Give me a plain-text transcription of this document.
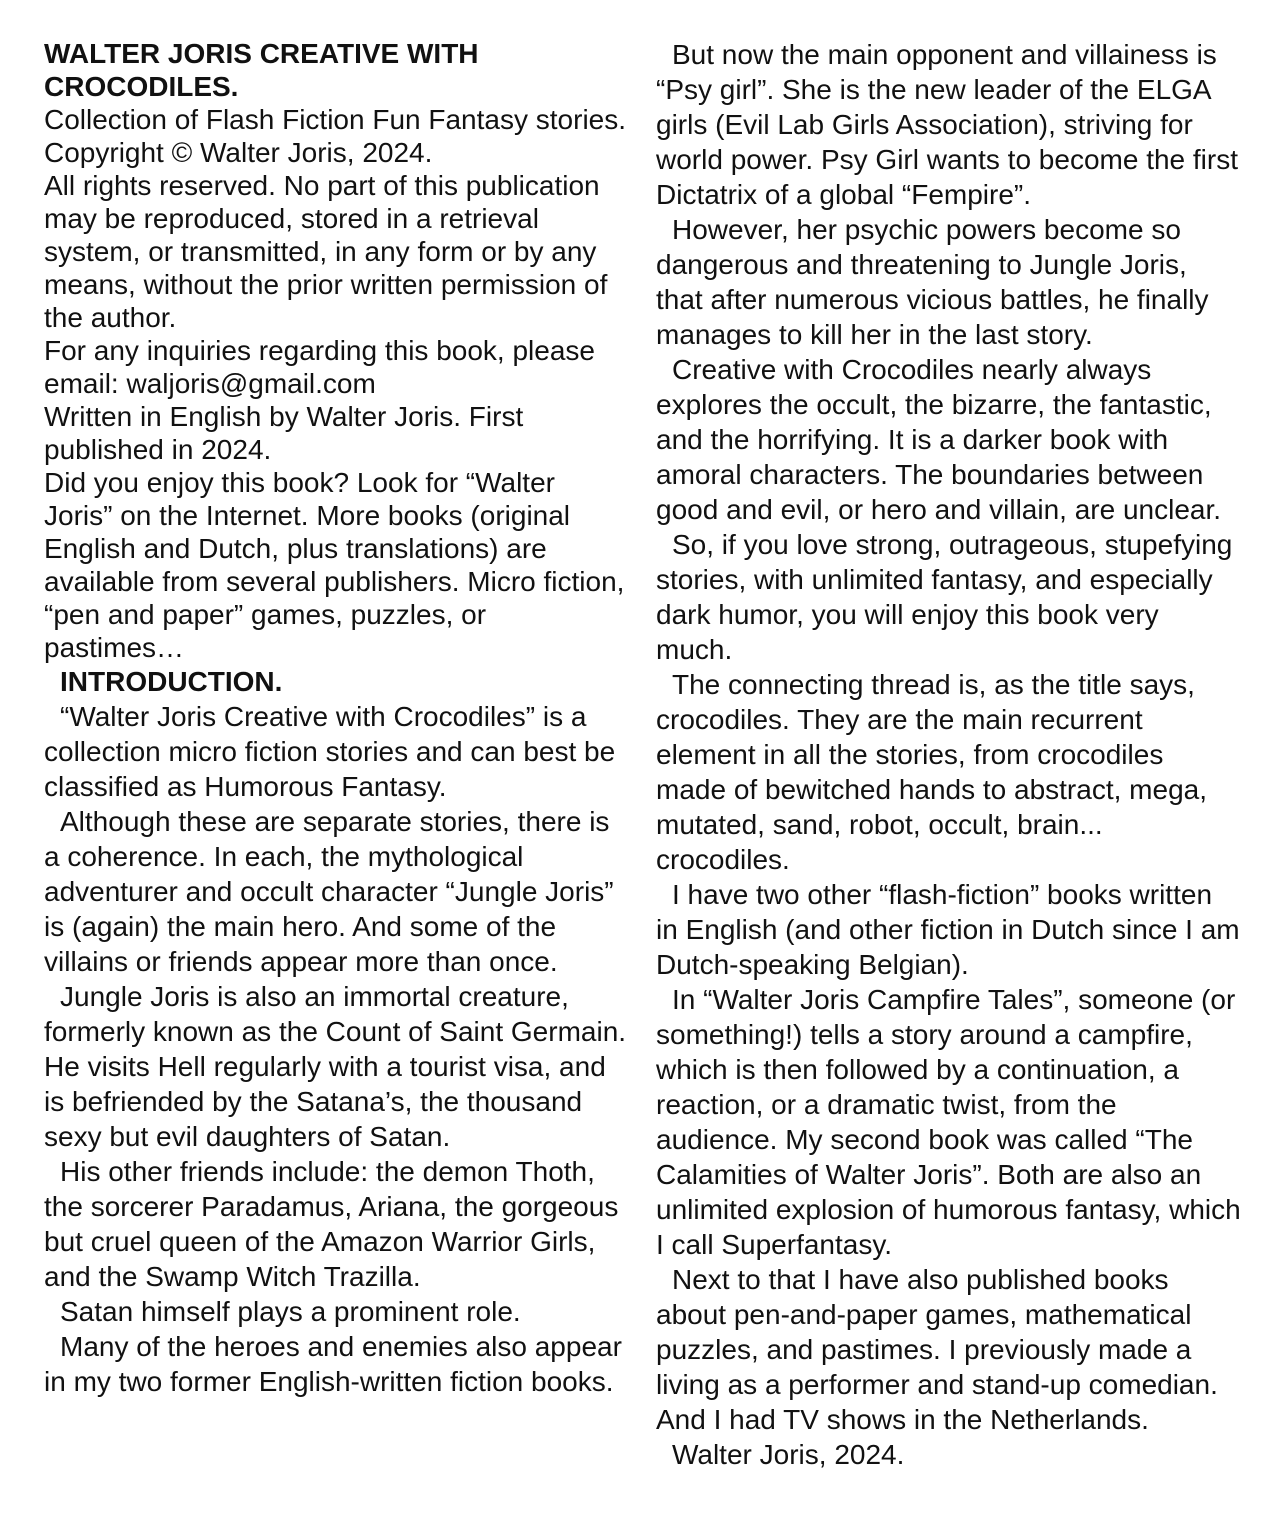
WALTER JORIS CREATIVE WITH CROCODILES.

Collection of Flash Fiction Fun Fantasy stories.

Copyright © Walter Joris, 2024.

All rights reserved. No part of this publication may be reproduced, stored in a retrieval system, or transmitted, in any form or by any means, without the prior written permission of the author.

For any inquiries regarding this book, please email: waljoris@gmail.com

Written in English by Walter Joris. First published in 2024.

Did you enjoy this book? Look for “Walter Joris” on the Internet. More books (original English and Dutch, plus translations) are available from several publishers. Micro fiction, “pen and paper” games, puzzles, or pastimes…

INTRODUCTION.

“Walter Joris Creative with Crocodiles” is a collection micro fiction stories and can best be classified as Humorous Fantasy.

Although these are separate stories, there is a coherence. In each, the mythological adventurer and occult character “Jungle Joris” is (again) the main hero. And some of the villains or friends appear more than once.

Jungle Joris is also an immortal creature, formerly known as the Count of Saint Germain. He visits Hell regularly with a tourist visa, and is befriended by the Satana’s, the thousand sexy but evil daughters of Satan.

His other friends include: the demon Thoth, the sorcerer Paradamus, Ariana, the gorgeous but cruel queen of the Amazon Warrior Girls, and the Swamp Witch Trazilla.

Satan himself plays a prominent role.

Many of the heroes and enemies also appear in my two former English-written fiction books.

But now the main opponent and villainess is “Psy girl”. She is the new leader of the ELGA girls (Evil Lab Girls Association), striving for world power. Psy Girl wants to become the first Dictatrix of a global “Fempire”.

However, her psychic powers become so dangerous and threatening to Jungle Joris, that after numerous vicious battles, he finally manages to kill her in the last story.

Creative with Crocodiles nearly always explores the occult, the bizarre, the fantastic, and the horrifying. It is a darker book with amoral characters. The boundaries between good and evil, or hero and villain, are unclear.

So, if you love strong, outrageous, stupefying stories, with unlimited fantasy, and especially dark humor, you will enjoy this book very much.

The connecting thread is, as the title says, crocodiles. They are the main recurrent element in all the stories, from crocodiles made of bewitched hands to abstract, mega, mutated, sand, robot, occult, brain... crocodiles.

I have two other “flash-fiction” books written in English (and other fiction in Dutch since I am Dutch-speaking Belgian).

In “Walter Joris Campfire Tales”, someone (or something!) tells a story around a campfire, which is then followed by a continuation, a reaction, or a dramatic twist, from the audience. My second book was called “The Calamities of Walter Joris”. Both are also an unlimited explosion of humorous fantasy, which I call Superfantasy.

Next to that I have also published books about pen-and-paper games, mathematical puzzles, and pastimes. I previously made a living as a performer and stand-up comedian. And I had TV shows in the Netherlands.

Walter Joris, 2024.
